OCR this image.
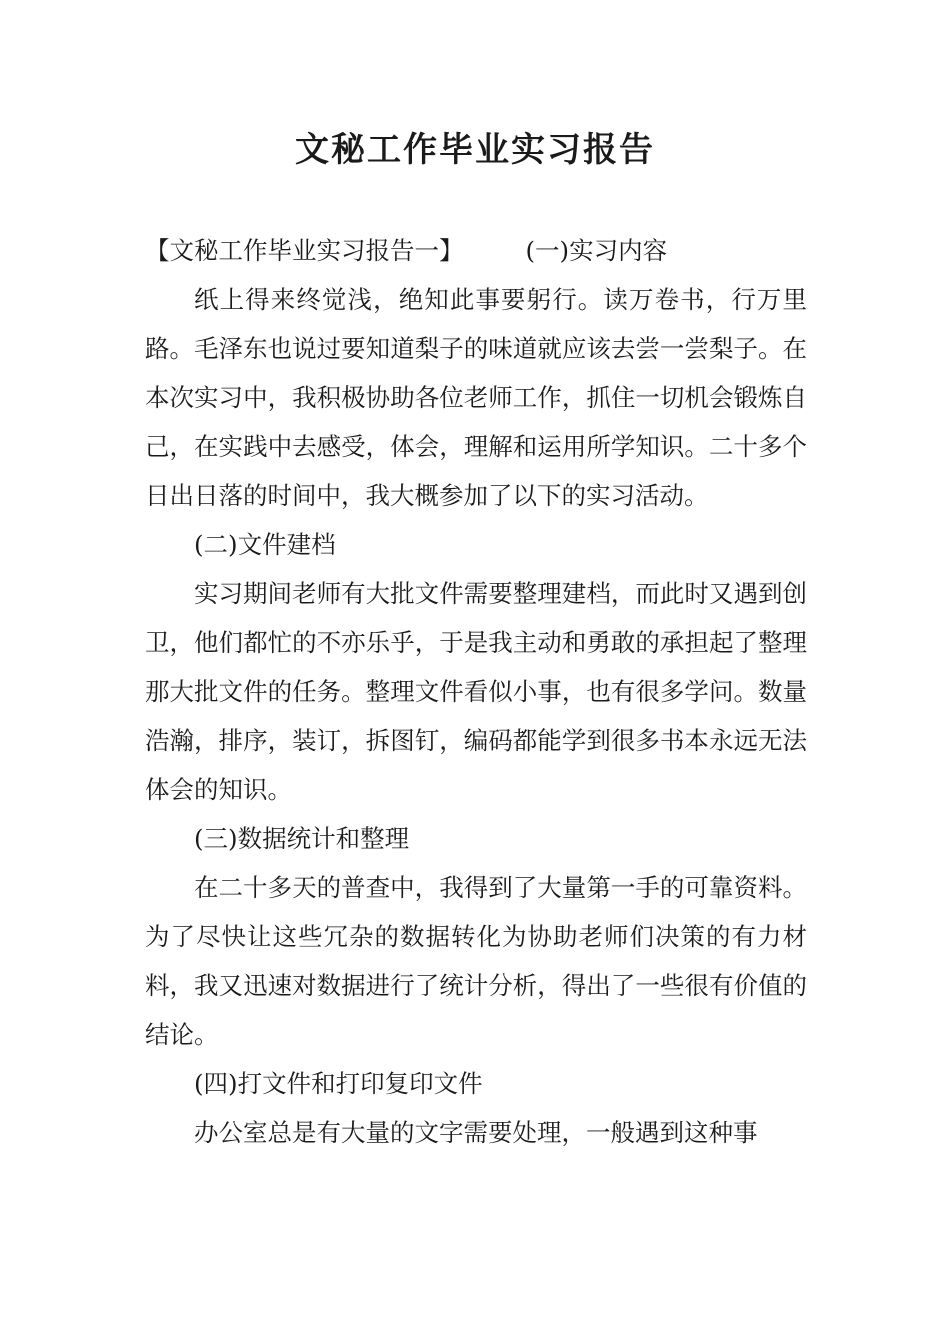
文秘工作毕业实习报告

【文秘工作毕业实习报告一】	(一)实习内容

纸上得来终觉浅，绝知此事要躬行。读万卷书，行万里路。毛泽东也说过要知道梨子的味道就应该去尝一尝梨子。在本次实习中，我积极协助各位老师工作，抓住一切机会锻炼自己，在实践中去感受，体会，理解和运用所学知识。二十多个日出日落的时间中，我大概参加了以下的实习活动。

(二)文件建档

实习期间老师有大批文件需要整理建档，而此时又遇到创卫，他们都忙的不亦乐乎，于是我主动和勇敢的承担起了整理那大批文件的任务。整理文件看似小事，也有很多学问。数量浩瀚，排序，装订，拆图钉，编码都能学到很多书本永远无法体会的知识。

(三)数据统计和整理

在二十多天的普查中，我得到了大量第一手的可靠资料。为了尽快让这些冗杂的数据转化为协助老师们决策的有力材料，我又迅速对数据进行了统计分析，得出了一些很有价值的结论。

(四)打文件和打印复印文件

办公室总是有大量的文字需要处理，一般遇到这种事
